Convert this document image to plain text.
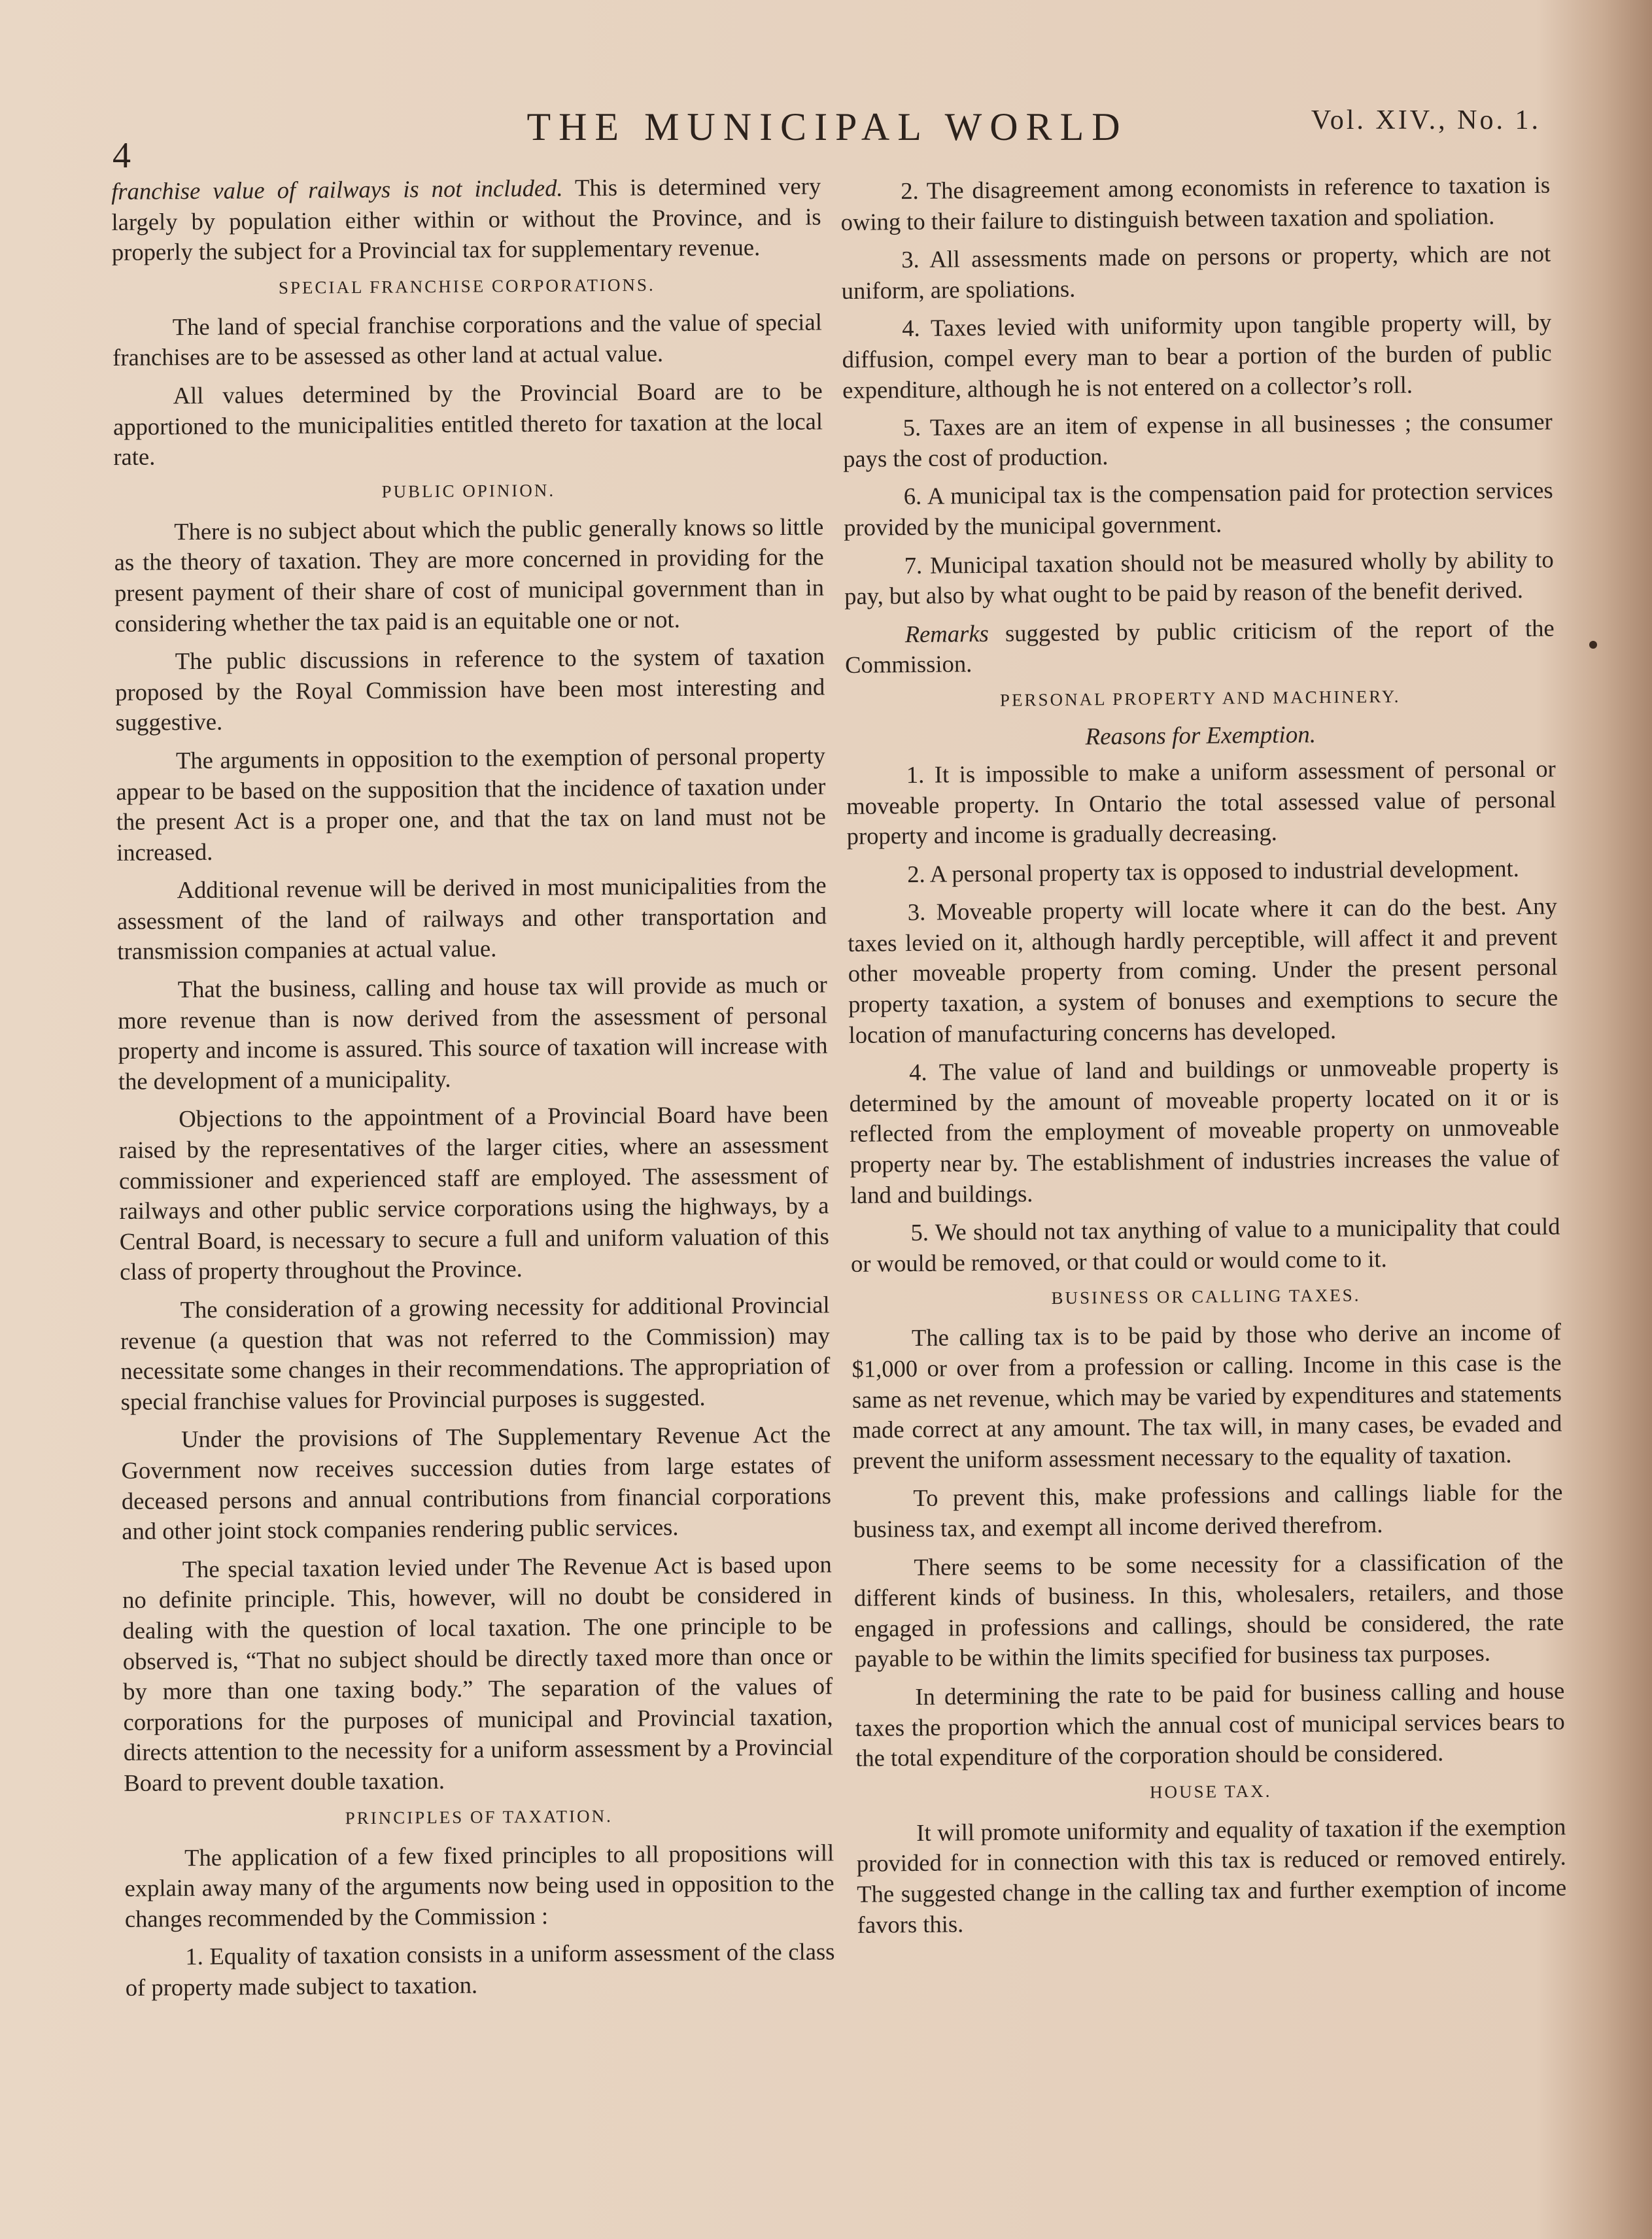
4
THE MUNICIPAL WORLD	Vol. XIV., No. 1.

franchise value of railways is not included. This is determined very largely by population either within or without the Province, and is properly the subject for a Provincial tax for supplementary revenue.

SPECIAL FRANCHISE CORPORATIONS.

The land of special franchise corporations and the value of special franchises are to be assessed as other land at actual value.

All values determined by the Provincial Board are to be apportioned to the municipalities entitled thereto for taxation at the local rate.

PUBLIC OPINION.

There is no subject about which the public generally knows so little as the theory of taxation. They are more concerned in providing for the present payment of their share of cost of municipal government than in considering whether the tax paid is an equitable one or not.

The public discussions in reference to the system of taxation proposed by the Royal Commission have been most interesting and suggestive.

The arguments in opposition to the exemption of personal property appear to be based on the supposition that the incidence of taxation under the present Act is a proper one, and that the tax on land must not be increased.

Additional revenue will be derived in most municipalities from the assessment of the land of railways and other transportation and transmission companies at actual value.

That the business, calling and house tax will provide as much or more revenue than is now derived from the assessment of personal property and income is assured. This source of taxation will increase with the development of a municipality.

Objections to the appointment of a Provincial Board have been raised by the representatives of the larger cities, where an assessment commissioner and experienced staff are employed. The assessment of railways and other public service corporations using the highways, by a Central Board, is necessary to secure a full and uniform valuation of this class of property throughout the Province.

The consideration of a growing necessity for additional Provincial revenue (a question that was not referred to the Commission) may necessitate some changes in their recommendations. The appropriation of special franchise values for Provincial purposes is suggested.

Under the provisions of The Supplementary Revenue Act the Government now receives succession duties from large estates of deceased persons and annual contributions from financial corporations and other joint stock companies rendering public services.

The special taxation levied under The Revenue Act is based upon no definite principle. This, however, will no doubt be considered in dealing with the question of local taxation. The one principle to be observed is, “That no subject should be directly taxed more than once or by more than one taxing body.” The separation of the values of corporations for the purposes of municipal and Provincial taxation, directs attention to the necessity for a uniform assessment by a Provincial Board to prevent double taxation.

PRINCIPLES OF TAXATION.

The application of a few fixed principles to all propositions will explain away many of the arguments now being used in opposition to the changes recommended by the Commission :

1. Equality of taxation consists in a uniform assessment of the class of property made subject to taxation.

2. The disagreement among economists in reference to taxation is owing to their failure to distinguish between taxation and spoliation.

3. All assessments made on persons or property, which are not uniform, are spoliations.

4. Taxes levied with uniformity upon tangible property will, by diffusion, compel every man to bear a portion of the burden of public expenditure, although he is not entered on a collector’s roll.

5. Taxes are an item of expense in all businesses ; the consumer pays the cost of production.

6. A municipal tax is the compensation paid for protection services provided by the municipal government.

7. Municipal taxation should not be measured wholly by ability to pay, but also by what ought to be paid by reason of the benefit derived.

Remarks suggested by public criticism of the report of the Commission.

PERSONAL PROPERTY AND MACHINERY.
Reasons for Exemption.

1. It is impossible to make a uniform assessment of personal or moveable property. In Ontario the total assessed value of personal property and income is gradually decreasing.

2. A personal property tax is opposed to industrial development.

3. Moveable property will locate where it can do the best. Any taxes levied on it, although hardly perceptible, will affect it and prevent other moveable property from coming. Under the present personal property taxation, a system of bonuses and exemptions to secure the location of manufacturing concerns has developed.

4. The value of land and buildings or unmoveable property is determined by the amount of moveable property located on it or is reflected from the employment of moveable property on unmoveable property near by. The establishment of industries increases the value of land and buildings.

5. We should not tax anything of value to a municipality that could or would be removed, or that could or would come to it.

BUSINESS OR CALLING TAXES.

The calling tax is to be paid by those who derive an income of $1,000 or over from a profession or calling. Income in this case is the same as net revenue, which may be varied by expenditures and statements made correct at any amount. The tax will, in many cases, be evaded and prevent the uniform assessment necessary to the equality of taxation.

To prevent this, make professions and callings liable for the business tax, and exempt all income derived therefrom.

There seems to be some necessity for a classification of the different kinds of business. In this, wholesalers, retailers, and those engaged in professions and callings, should be considered, the rate payable to be within the limits specified for business tax purposes.

In determining the rate to be paid for business calling and house taxes the proportion which the annual cost of municipal services bears to the total expenditure of the corporation should be considered.

HOUSE TAX.

It will promote uniformity and equality of taxation if the exemption provided for in connection with this tax is reduced or removed entirely. The suggested change in the calling tax and further exemption of income favors this.
